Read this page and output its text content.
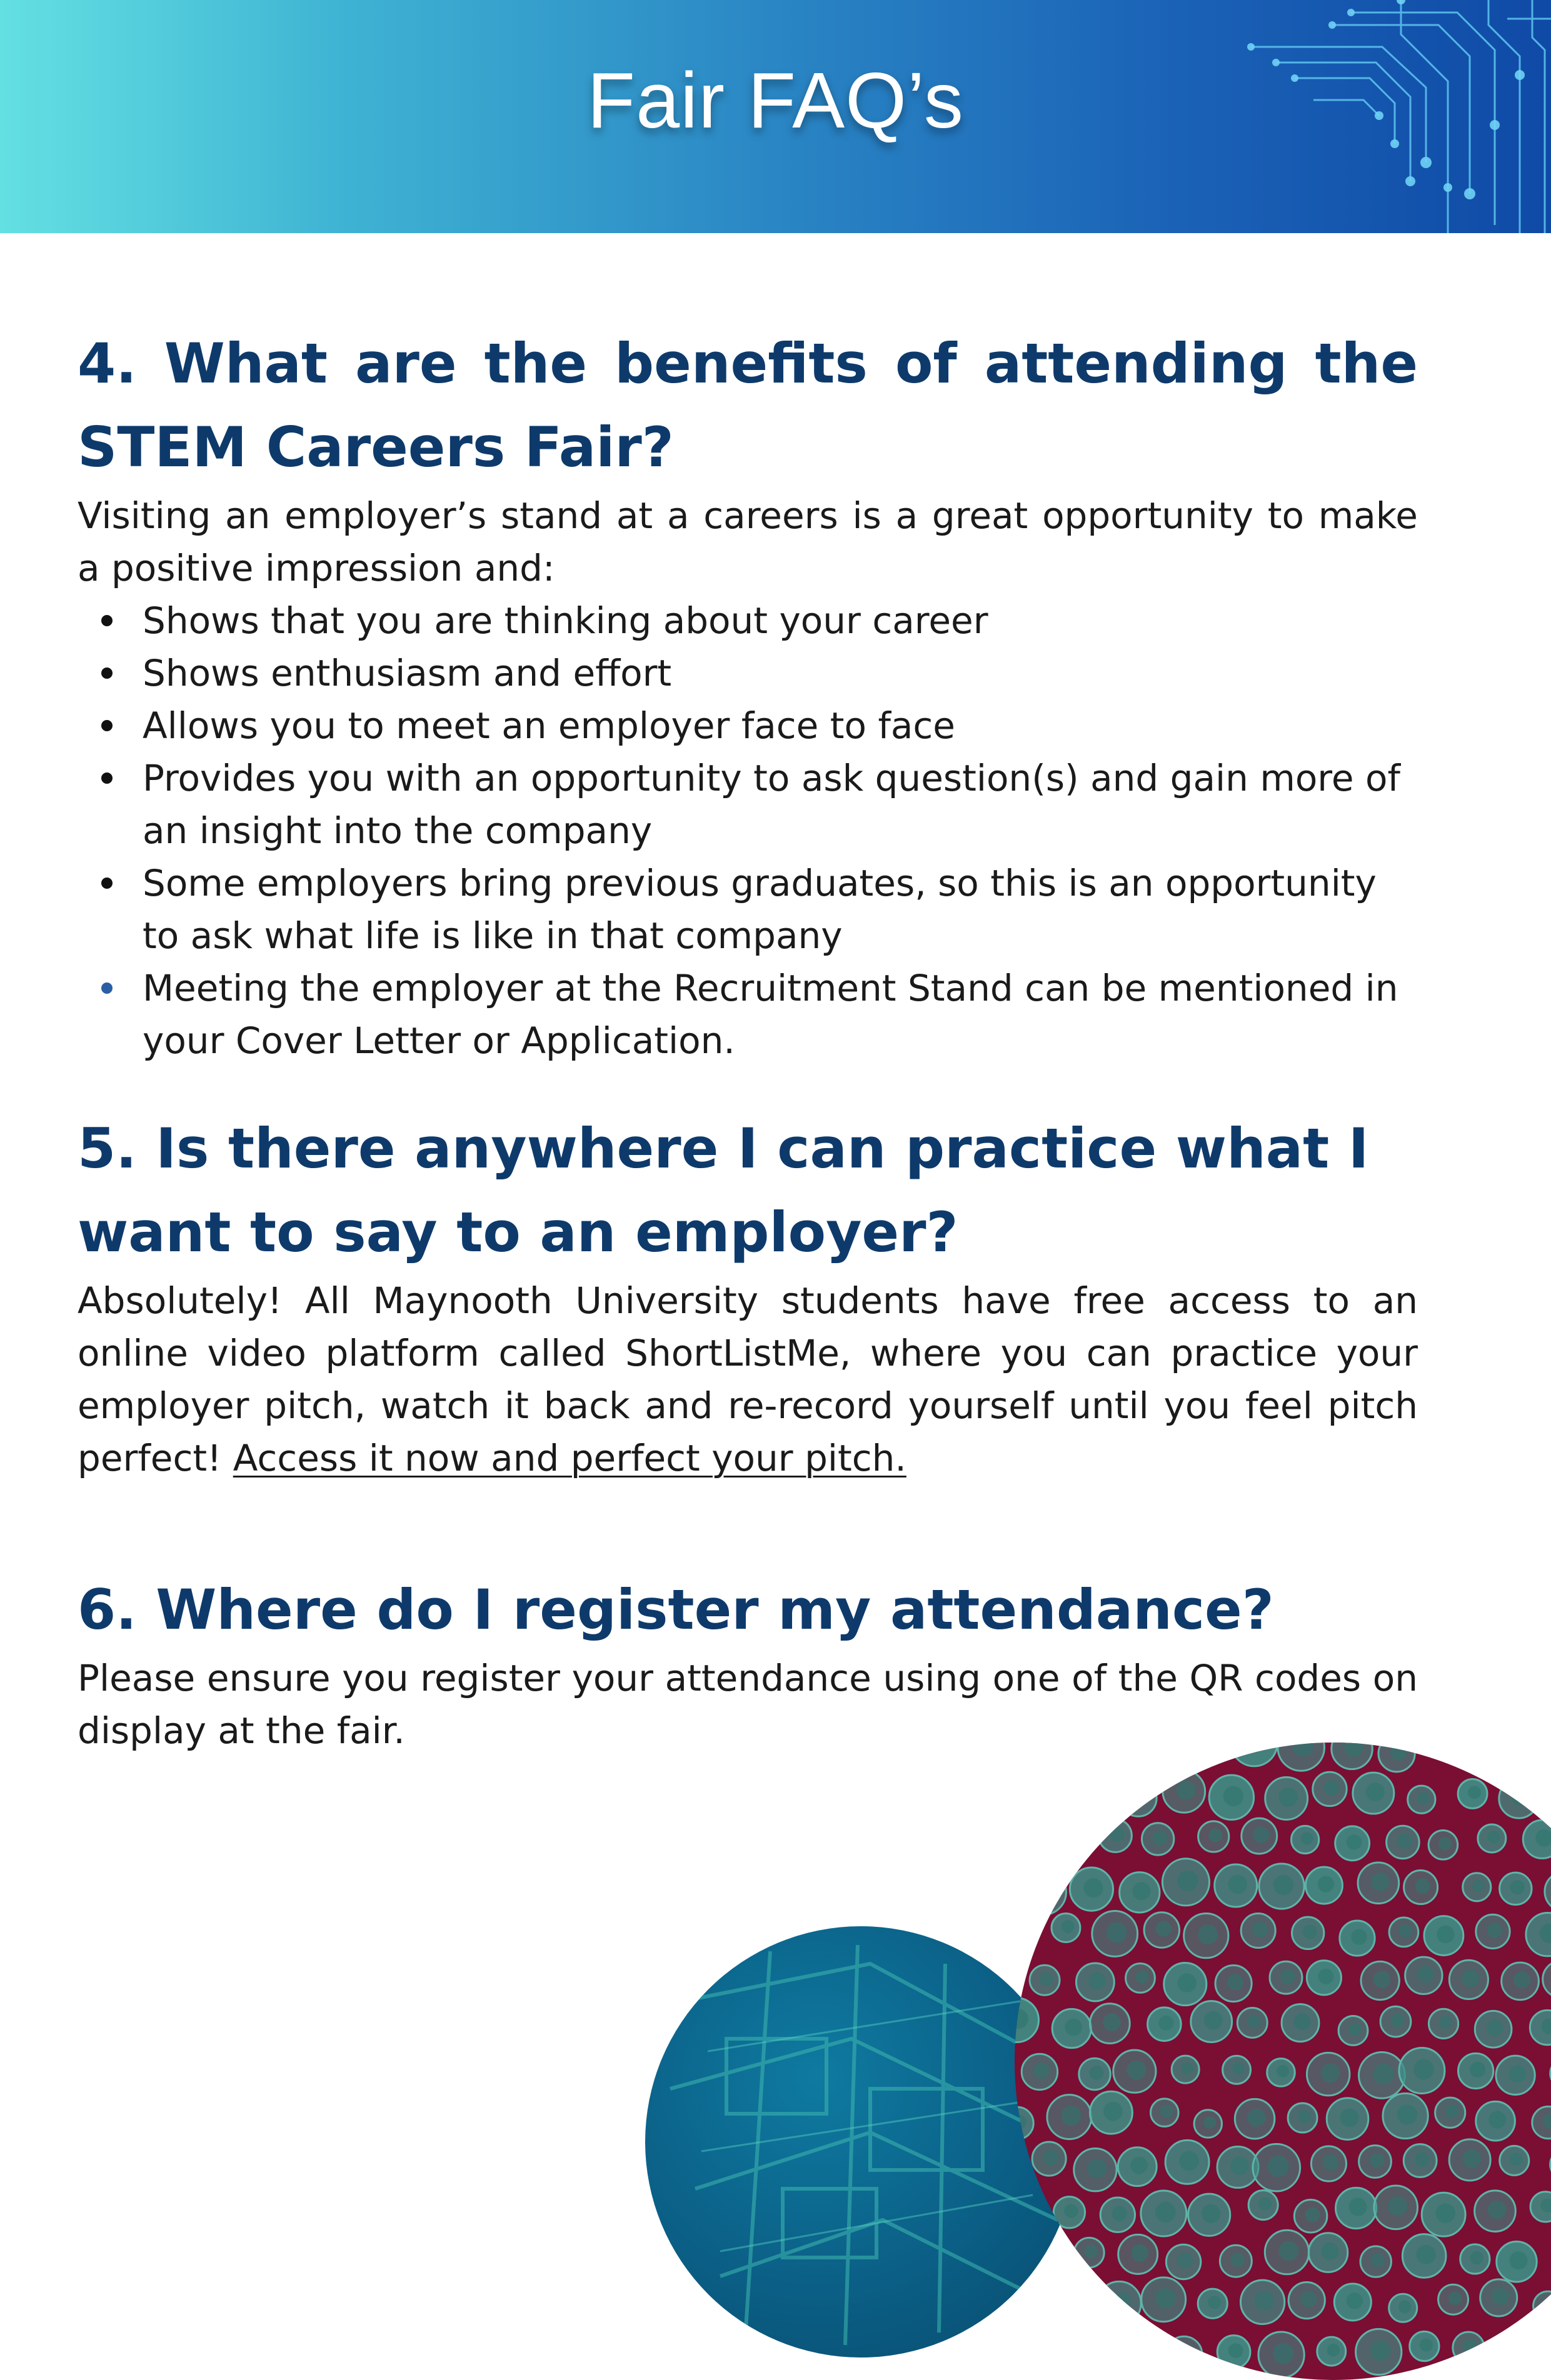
Fair FAQ’s
4. What are the benefits of attending the STEM Careers Fair?

Visiting an employer’s stand at a careers is a great opportunity to make a positive impression and:

Shows that you are thinking about your career
Shows enthusiasm and effort
Allows you to meet an employer face to face
Provides you with an opportunity to ask question(s) and gain more of an insight into the company
Some employers bring previous graduates, so this is an opportunity to ask what life is like in that company
Meeting the employer at the Recruitment Stand can be mentioned in your Cover Letter or Application.
5. Is there anywhere I can practice what I want to say to an employer?

Absolutely! All Maynooth University students have free access to an online video platform called ShortListMe, where you can practice your employer pitch, watch it back and re-record yourself until you feel pitch perfect! Access it now and perfect your pitch.

6. Where do I register my attendance?

Please ensure you register your attendance using one of the QR codes on display at the fair.
